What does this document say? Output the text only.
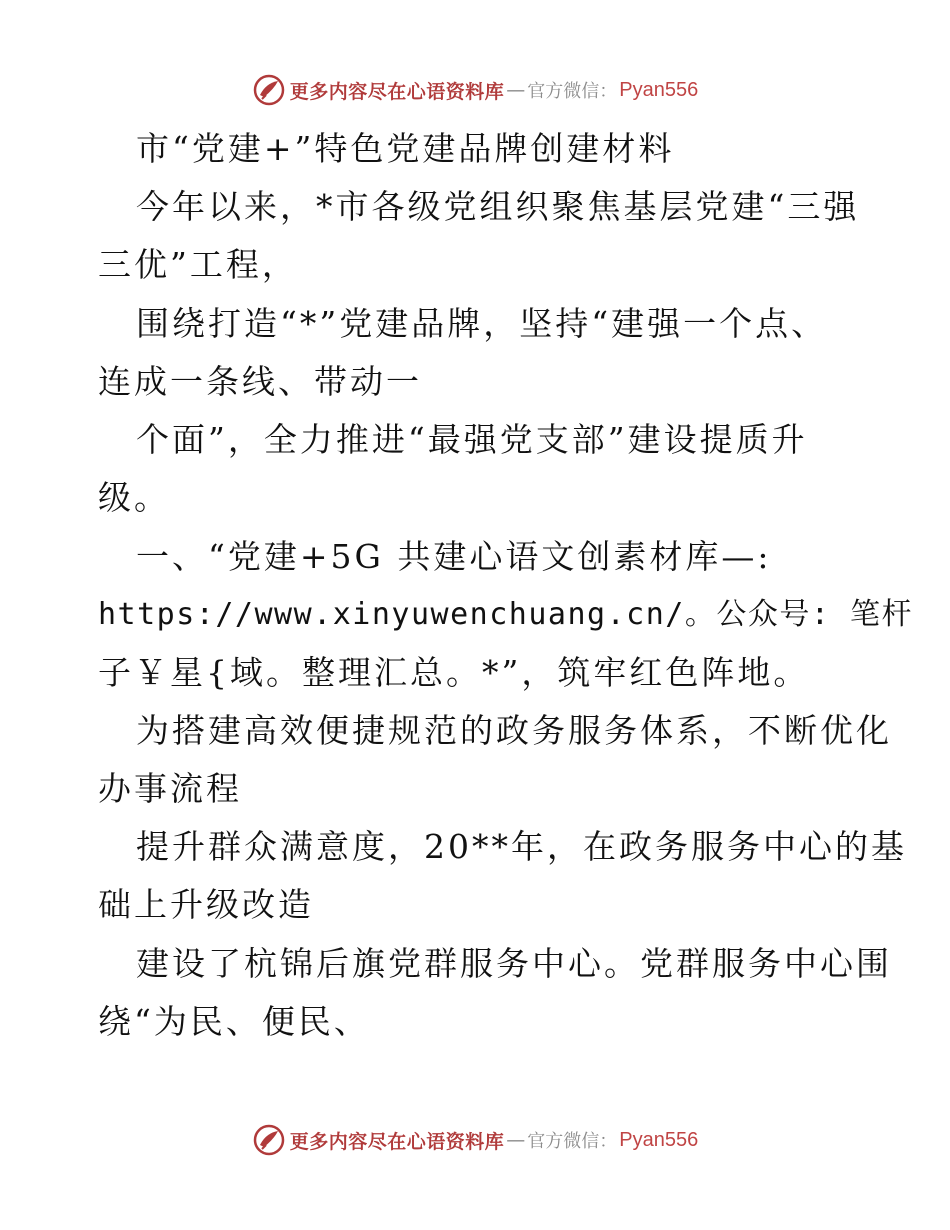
更多内容尽在心语资料库 — 官方微信： Pyan556
市“党建+”特色党建品牌创建材料
今年以来，*市各级党组织聚焦基层党建“三强
三优”工程，
围绕打造“*”党建品牌，坚持“建强一个点、
连成一条线、带动一
个面”，全力推进“最强党支部”建设提质升
级。
一、“党建+5G 共建心语文创素材库—:
https://www.xinyuwenchuang.cn/。公众号: 笔杆
子￥星{域。整理汇总。*”，筑牢红色阵地。
为搭建高效便捷规范的政务服务体系，不断优化
办事流程
提升群众满意度，20**年，在政务服务中心的基
础上升级改造
建设了杭锦后旗党群服务中心。党群服务中心围
绕“为民、便民、
更多内容尽在心语资料库 — 官方微信： Pyan556
